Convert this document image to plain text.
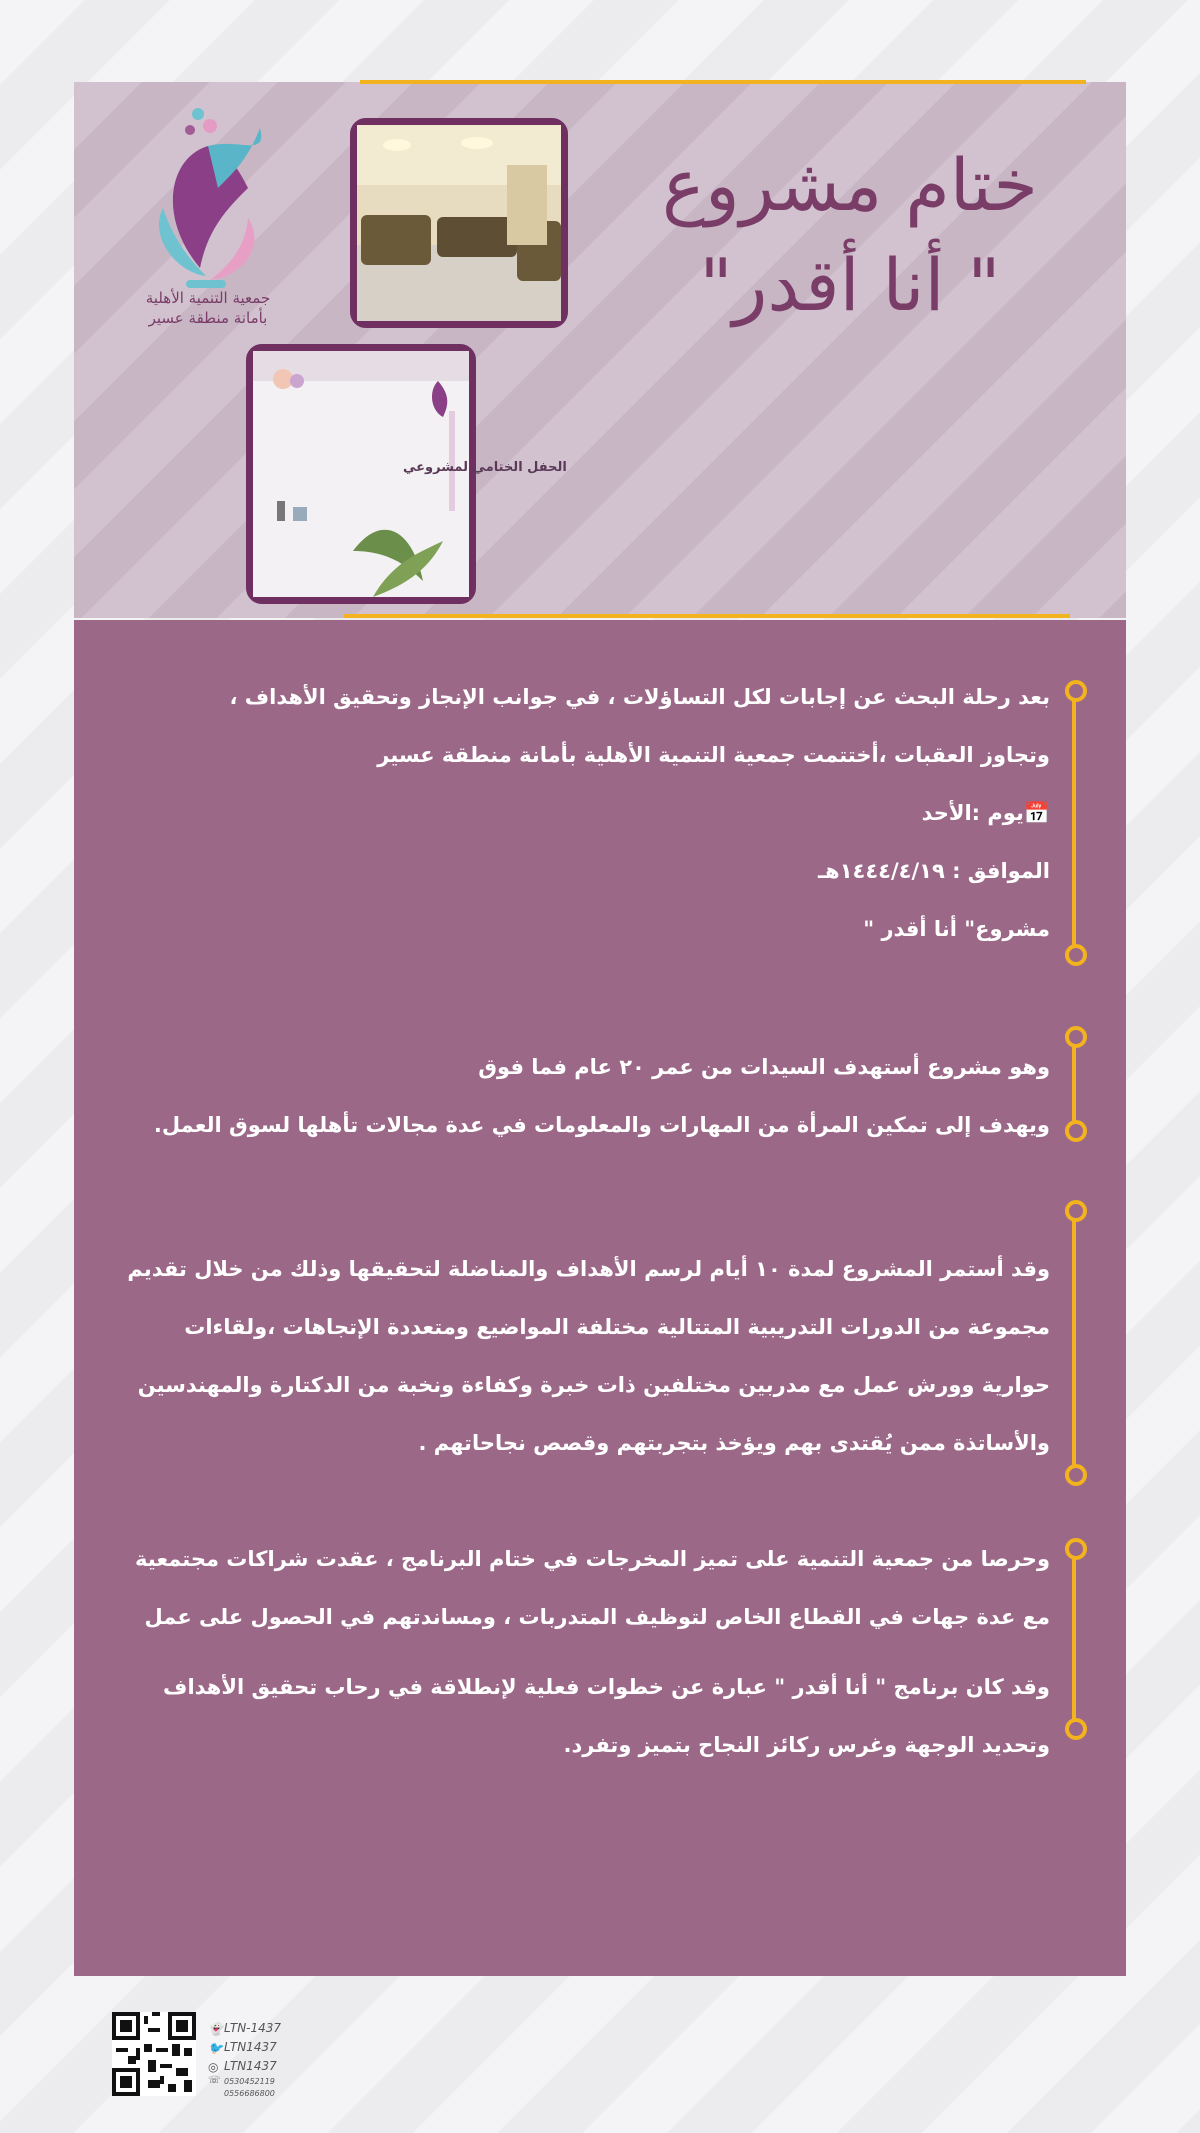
جمعية التنمية الأهلية
بأمانة منطقة عسير
الحفل الختامي لمشروعي
ختام مشروع
" أنا أقدر"

بعد رحلة البحث عن إجابات لكل التساؤلات ، في جوانب الإنجاز وتحقيق الأهداف ،

وتجاوز العقبات ،أختتمت جمعية التنمية الأهلية بأمانة منطقة عسير

📅يوم :الأحد

الموافق : ١٤٤٤/٤/١٩هـ

مشروع" أنا أقدر "

وهو مشروع أستهدف السيدات من عمر ٢٠ عام فما فوق

ويهدف إلى تمكين المرأة من المهارات والمعلومات في عدة مجالات تأهلها لسوق العمل.

وقد أستمر المشروع لمدة ١٠ أيام لرسم الأهداف والمناضلة لتحقيقها وذلك من خلال تقديم

مجموعة من الدورات التدريبية المتتالية مختلفة المواضيع ومتعددة الإتجاهات ،ولقاءات

حوارية وورش عمل مع مدربين مختلفين ذات خبرة وكفاءة ونخبة من الدكتارة والمهندسين

والأساتذة ممن يُقتدى بهم ويؤخذ بتجربتهم وقصص نجاحاتهم .

وحرصا من جمعية التنمية على تميز المخرجات في ختام البرنامج ، عقدت شراكات مجتمعية

مع عدة جهات في القطاع الخاص لتوظيف المتدربات ، ومساندتهم في الحصول على عمل

وقد كان برنامج " أنا أقدر " عبارة عن خطوات فعلية لإنطلاقة في رحاب تحقيق الأهداف

وتحديد الوجهة وغرس ركائز النجاح بتميز وتفرد.

👻 LTN-1437
🐦 LTN1437
◎ LTN1437
☏ 0530452119
0556686800
